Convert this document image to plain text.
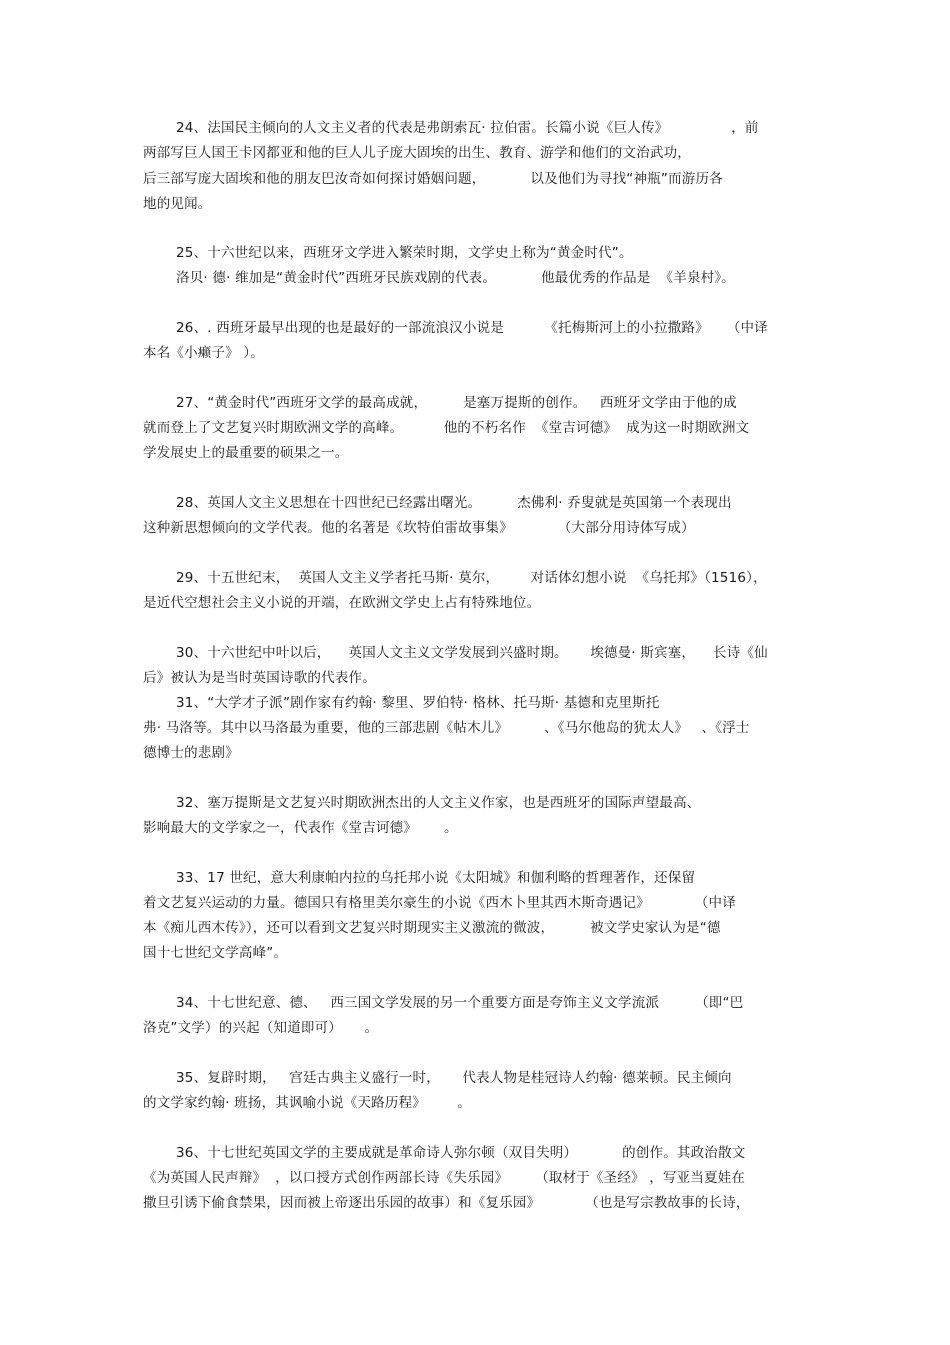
24、法国民主倾向的人文主义者的代表是弗朗索瓦· 拉伯雷。长篇小说《巨人传》              ，前
两部写巨人国王卡冈都亚和他的巨人儿子庞大固埃的出生、教育、游学和他们的文治武功，
后三部写庞大固埃和他的朋友巴汝奇如何探讨婚姻问题，          以及他们为寻找“神瓶”而游历各
地的见闻。
25、十六世纪以来，西班牙文学进入繁荣时期，文学史上称为“黄金时代”。
洛贝· 德· 维加是“黄金时代”西班牙民族戏剧的代表。          他最优秀的作品是  《羊泉村》。
26、. 西班牙最早出现的也是最好的一部流浪汉小说是         《托梅斯河上的小拉撒路》    （中译
本名《小癞子》 ）。
27、“黄金时代”西班牙文学的最高成就，        是塞万提斯的创作。   西班牙文学由于他的成
就而登上了文艺复兴时期欧洲文学的高峰。         他的不朽名作  《堂吉诃德》  成为这一时期欧洲文
学发展史上的最重要的硕果之一。
28、英国人文主义思想在十四世纪已经露出曙光。        杰佛利· 乔叟就是英国第一个表现出
这种新思想倾向的文学代表。他的名著是《坎特伯雷故事集》          （大部分用诗体写成）
29、十五世纪末，  英国人文主义学者托马斯· 莫尔，       对话体幻想小说  《乌托邦》（1516），
是近代空想社会主义小说的开端，在欧洲文学史上占有特殊地位。
30、十六世纪中叶以后，    英国人文主义文学发展到兴盛时期。     埃德曼· 斯宾塞，    长诗《仙
后》被认为是当时英国诗歌的代表作。
31、“大学才子派”剧作家有约翰· 黎里、罗伯特· 格林、托马斯· 基德和克里斯托
弗· 马洛等。其中以马洛最为重要，他的三部悲剧《帖木儿》        、《马尔他岛的犹太人》   、《浮士
德博士的悲剧》
32、塞万提斯是文艺复兴时期欧洲杰出的人文主义作家，也是西班牙的国际声望最高、
影响最大的文学家之一，代表作《堂吉诃德》      。
33、17 世纪，意大利康帕内拉的乌托邦小说《太阳城》和伽利略的哲理著作，还保留
着文艺复兴运动的力量。德国只有格里美尔豪生的小说《西木卜里其西木斯奇遇记》          （中译
本《痴儿西木传》），还可以看到文艺复兴时期现实主义激流的微波，        被文学史家认为是“德
国十七世纪文学高峰”。
34、十七世纪意、德、   西三国文学发展的另一个重要方面是夸饰主义文学流派        （即“巴
洛克”文学）的兴起（知道即可）     。
35、复辟时期，   宫廷古典主义盛行一时，     代表人物是桂冠诗人约翰· 德莱顿。民主倾向
的文学家约翰· 班扬，其讽喻小说《天路历程》       。
36、十七世纪英国文学的主要成就是革命诗人弥尔顿（双目失明）          的创作。其政治散文
《为英国人民声辩》  ，以口授方式创作两部长诗《失乐园》      （取材于《圣经》 ，写亚当夏娃在
撒旦引诱下偷食禁果，因而被上帝逐出乐园的故事）和《复乐园》          （也是写宗教故事的长诗，
